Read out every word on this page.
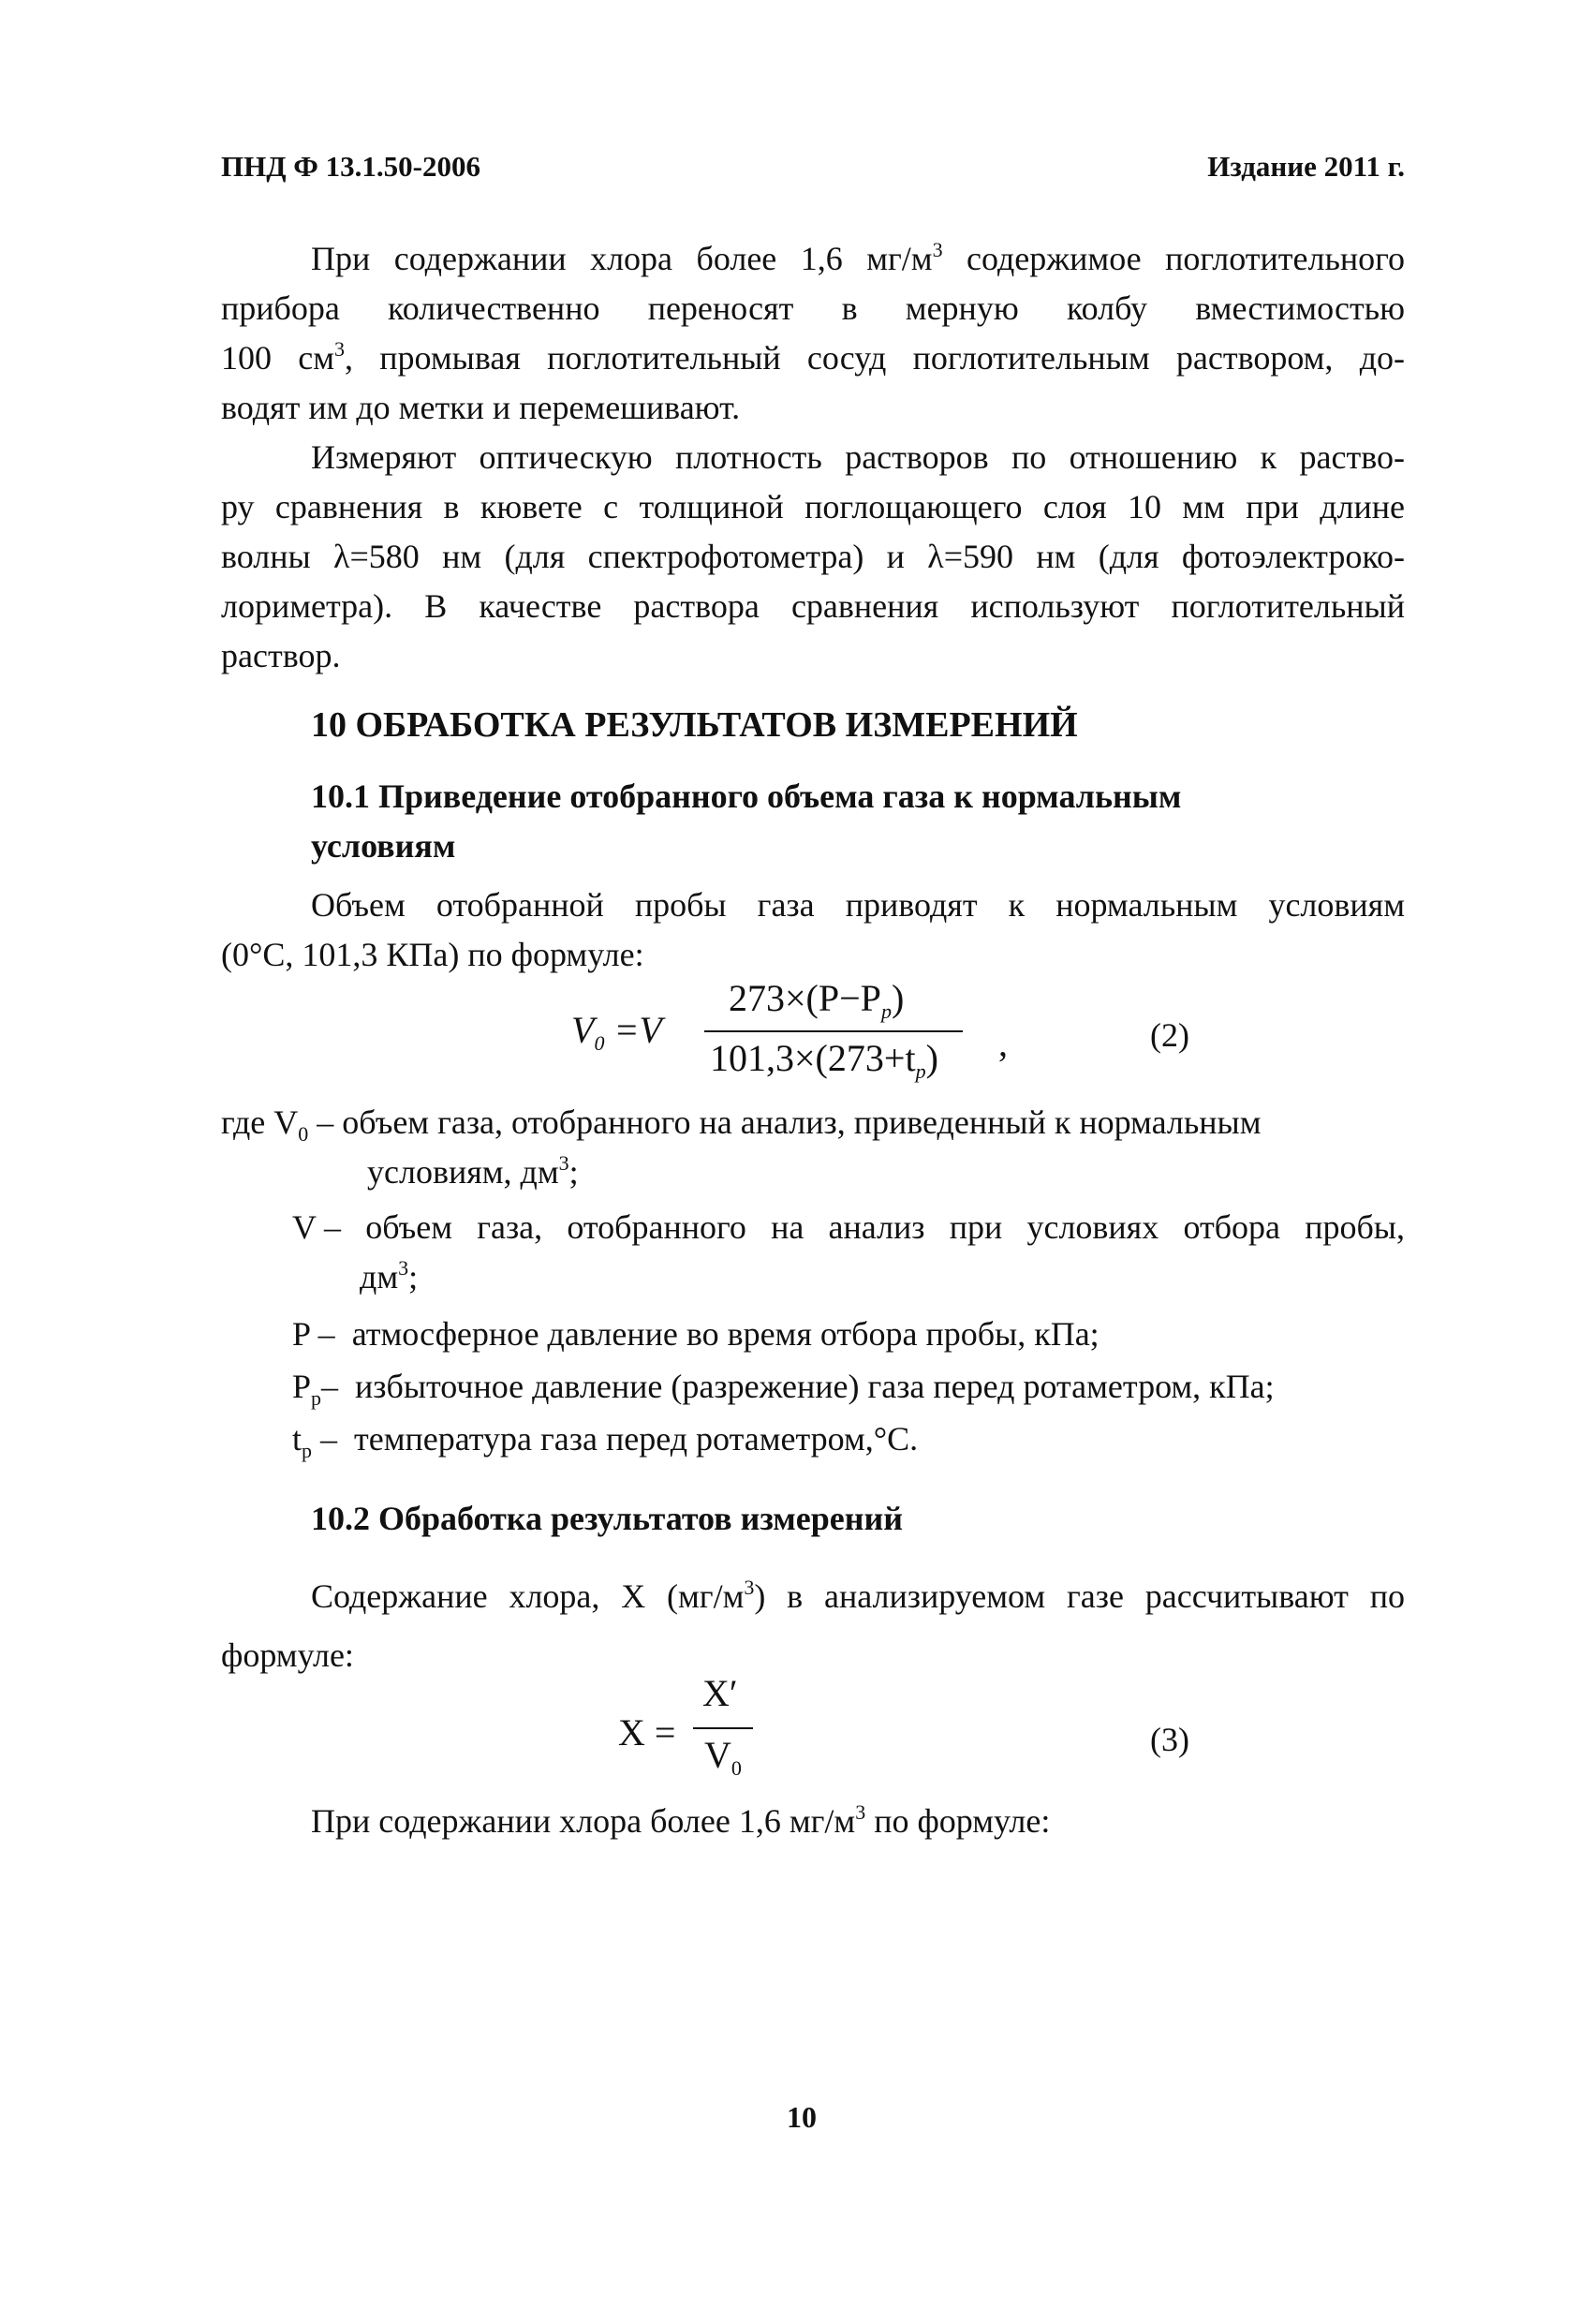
ПНД Ф 13.1.50-2006	Издание 2011 г.
При содержании хлора более 1,6 $мг/м^3$ содержимое поглотительного
прибора количественно переносят в мерную колбу вместимостью
100 $см^3$, промывая поглотительный сосуд поглотительным раствором, до-
водят им до метки и перемешивают.
Измеряют оптическую плотность растворов по отношению к раство-
ру сравнения в кювете с толщиной поглощающего слоя 10 мм при длине
волны λ=580 нм (для спектрофотометра) и λ=590 нм (для фотоэлектроко-
лориметра). В качестве раствора сравнения используют поглотительный
раствор.
10 ОБРАБОТКА РЕЗУЛЬТАТОВ ИЗМЕРЕНИЙ
10.1 Приведение отобранного объема газа к нормальным
условиям
Объем отобранной пробы газа приводят к нормальным условиям
(0°С, 101,3 КПа) по формуле:
$V_0 =V$
$273\times(P-P_р)$
$101,3\times(273+t_р)$ ,	(2)
где $V_0$ – объем газа, отобранного на анализ, приведенный к нормальным
условиям, $дм^3$;
V – объем газа, отобранного на анализ при условиях отбора пробы,
$дм^3$;
P – атмосферное давление во время отбора пробы, кПа;
$P_р-$ избыточное давление (разрежение) газа перед ротаметром, кПа;
$t_р$ – температура газа перед ротаметром,°С.
10.2 Обработка результатов измерений
Содержание хлора, X $(мг/м^3)$ в анализируемом газе рассчитывают по
формуле:
X =
X′
$V_0$
(3)
При содержании хлора более 1,6 $мг/м^3$ по формуле:
10
